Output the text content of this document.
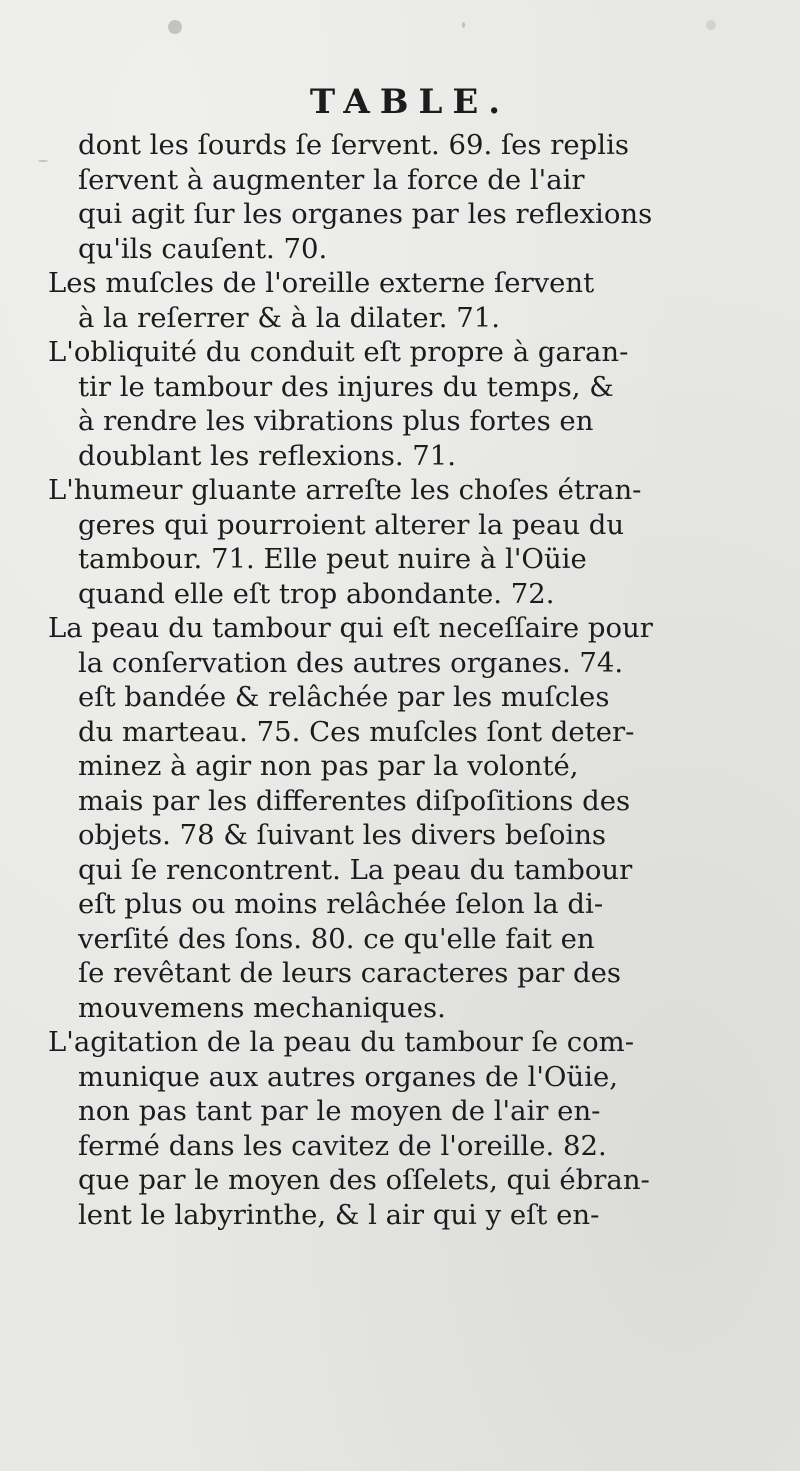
TABLE.
dont les ſourds ſe ſervent. 69. ſes replis
ſervent à augmenter la force de l'air
qui agit ſur les organes par les reflexions
qu'ils cauſent. 70.
Les muſcles de l'oreille externe ſervent
à la reſerrer & à la dilater. 71.
L'obliquité du conduit eſt propre à garan-
tir le tambour des injures du temps, &
à rendre les vibrations plus fortes en
doublant les reflexions. 71.
L'humeur gluante arreſte les choſes étran-
geres qui pourroient alterer la peau du
tambour. 71. Elle peut nuire à l'Oüie
quand elle eſt trop abondante. 72.
La peau du tambour qui eſt neceſſaire pour
la conſervation des autres organes. 74.
eſt bandée & relâchée par les muſcles
du marteau. 75. Ces muſcles ſont deter-
minez à agir non pas par la volonté,
mais par les differentes diſpoſitions des
objets. 78 & ſuivant les divers beſoins
qui ſe rencontrent. La peau du tambour
eſt plus ou moins relâchée ſelon la di-
verſité des ſons. 80. ce qu'elle fait en
ſe revêtant de leurs caracteres par des
mouvemens mechaniques.
L'agitation de la peau du tambour ſe com-
munique aux autres organes de l'Oüie,
non pas tant par le moyen de l'air en-
fermé dans les cavitez de l'oreille. 82.
que par le moyen des oſſelets, qui ébran-
lent le labyrinthe, & l air qui y eſt en-
